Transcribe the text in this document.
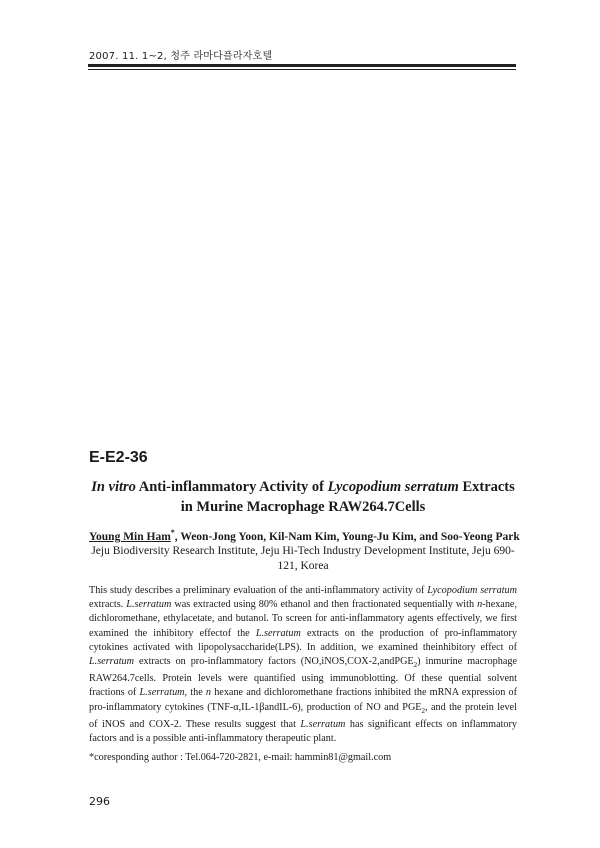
2007. 11. 1~2, 청주 라마다플라자호텔
E-E2-36
In vitro Anti-inflammatory Activity of Lycopodium serratum Extracts in Murine Macrophage RAW264.7Cells
Young Min Ham*, Weon-Jong Yoon, Kil-Nam Kim, Young-Ju Kim, and Soo-Yeong Park
Jeju Biodiversity Research Institute, Jeju Hi-Tech Industry Development Institute, Jeju 690-121, Korea
This study describes a preliminary evaluation of the anti-inflammatory activity of Lycopodium serratum extracts. L.serratum was extracted using 80% ethanol and then fractionated sequentially with n-hexane, dichloromethane, ethylacetate, and butanol. To screen for anti-inflammatory agents effectively, we first examined the inhibitory effectof the L.serratum extracts on the production of pro-inflammatory cytokines activated with lipopolysaccharide(LPS). In addition, we examined theinhibitory effect of L.serratum extracts on pro-inflammatory factors (NO,iNOS,COX-2,andPGE$_2$) inmurine macrophage RAW264.7cells. Protein levels were quantified using immunoblotting. Of these quential solvent fractions of L.serratum, the n hexane and dichloromethane fractions inhibited the mRNA expression of pro-inflammatory cytokines (TNF-α,IL-1βandIL-6), production of NO and $PGE_2$, and the protein level of iNOS and COX-2. These results suggest that L.serratum has significant effects on inflammatory factors and is a possible anti-inflammatory therapeutic plant.
*coresponding author : Tel.064-720-2821, e-mail: hammin81@gmail.com
296
